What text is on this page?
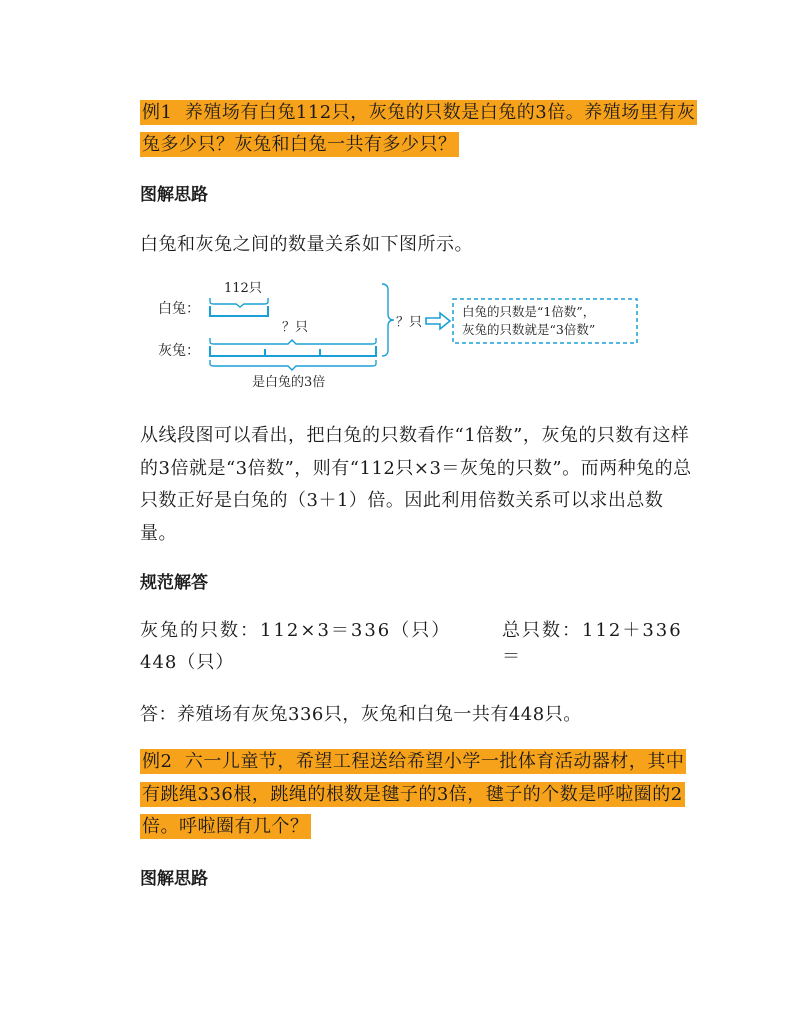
例1 养殖场有白兔112只，灰兔的只数是白兔的3倍。养殖场里有灰兔多少只？灰兔和白兔一共有多少只？

图解思路

白兔和灰兔之间的数量关系如下图所示。

白兔：
112只
灰兔：
？只
是白兔的3倍
？只
白兔的只数是“1倍数”，
灰兔的只数就是“3倍数”

从线段图可以看出，把白兔的只数看作“1倍数”，灰兔的只数有这样的3倍就是“3倍数”，则有“112只×3＝灰兔的只数”。而两种兔的总只数正好是白兔的（3＋1）倍。因此利用倍数关系可以求出总数量。

规范解答

灰兔的只数：112×3＝336（只）	总只数：112＋336＝
448（只）

答：养殖场有灰兔336只，灰兔和白兔一共有448只。

例2 六一儿童节，希望工程送给希望小学一批体育活动器材，其中有跳绳336根，跳绳的根数是毽子的3倍，毽子的个数是呼啦圈的2倍。呼啦圈有几个？

图解思路
